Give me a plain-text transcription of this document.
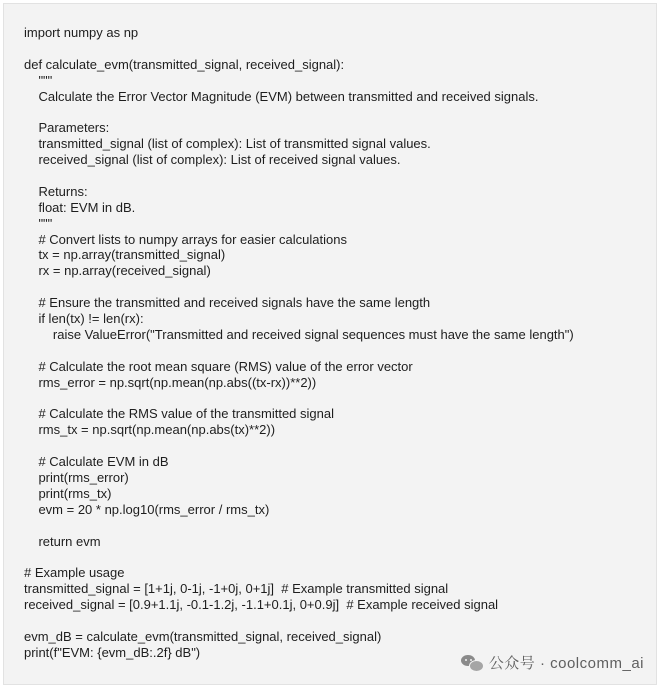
import numpy as np

def calculate_evm(transmitted_signal, received_signal):
"""
Calculate the Error Vector Magnitude (EVM) between transmitted and received signals.

Parameters:
transmitted_signal (list of complex): List of transmitted signal values.
received_signal (list of complex): List of received signal values.

Returns:
float: EVM in dB.
"""
# Convert lists to numpy arrays for easier calculations
tx = np.array(transmitted_signal)
rx = np.array(received_signal)

# Ensure the transmitted and received signals have the same length
if len(tx) != len(rx):
raise ValueError("Transmitted and received signal sequences must have the same length")

# Calculate the root mean square (RMS) value of the error vector
rms_error = np.sqrt(np.mean(np.abs((tx-rx))**2))

# Calculate the RMS value of the transmitted signal
rms_tx = np.sqrt(np.mean(np.abs(tx)**2))

# Calculate EVM in dB
print(rms_error)
print(rms_tx)
evm = 20 * np.log10(rms_error / rms_tx)

return evm

# Example usage
transmitted_signal = [1+1j, 0-1j, -1+0j, 0+1j]  # Example transmitted signal
received_signal = [0.9+1.1j, -0.1-1.2j, -1.1+0.1j, 0+0.9j]  # Example received signal

evm_dB = calculate_evm(transmitted_signal, received_signal)
print(f"EVM: {evm_dB:.2f} dB")
公众号 · coolcomm_ai
